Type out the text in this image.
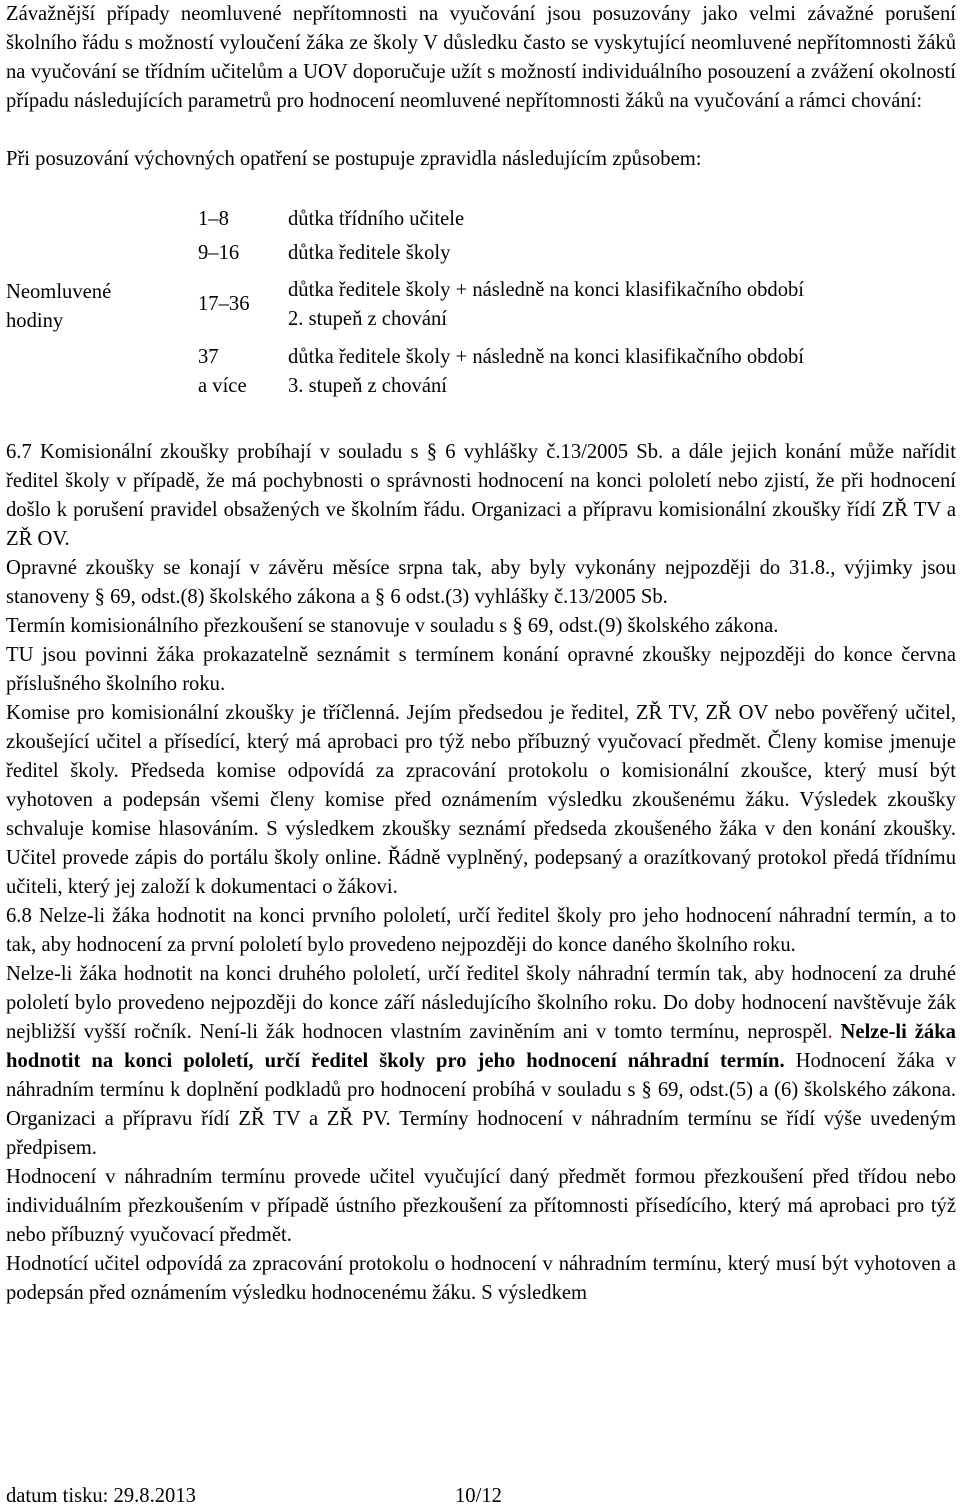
Závažnější případy neomluvené nepřítomnosti na vyučování jsou posuzovány jako velmi závažné porušení školního řádu s možností vyloučení žáka ze školy V důsledku často se vyskytující neomluvené nepřítomnosti žáků na vyučování se třídním učitelům a UOV doporučuje užít s možností individuálního posouzení a zvážení okolností případu následujících parametrů pro hodnocení neomluvené nepřítomnosti žáků na vyučování a rámci chování:

Při posuzování výchovných opatření se postupuje zpravidla následujícím způsobem:

Neomluvené
hodiny
1–8	důtka třídního učitele
9–16 důtka ředitele školy
17–36
důtka ředitele školy + následně na konci klasifikačního období
2. stupeň z chování
37
a více
důtka ředitele školy + následně na konci klasifikačního období
3. stupeň z chování

6.7 Komisionální zkoušky probíhají v souladu s § 6 vyhlášky č.13/2005 Sb. a dále jejich konání může nařídit ředitel školy v případě, že má pochybnosti o správnosti hodnocení na konci pololetí nebo zjistí, že při hodnocení došlo k porušení pravidel obsažených ve školním řádu. Organizaci a přípravu komisionální zkoušky řídí ZŘ TV a ZŘ OV.

Opravné zkoušky se konají v závěru měsíce srpna tak, aby byly vykonány nejpozději do 31.8., výjimky jsou stanoveny § 69, odst.(8) školského zákona a § 6 odst.(3) vyhlášky č.13/2005 Sb.

Termín komisionálního přezkoušení se stanovuje v souladu s § 69, odst.(9) školského zákona.

TU jsou povinni žáka prokazatelně seznámit s termínem konání opravné zkoušky nejpozději do konce června příslušného školního roku.

Komise pro komisionální zkoušky je tříčlenná. Jejím předsedou je ředitel, ZŘ TV, ZŘ OV nebo pověřený učitel, zkoušející učitel a přísedící, který má aprobaci pro týž nebo příbuzný vyučovací předmět. Členy komise jmenuje ředitel školy. Předseda komise odpovídá za zpracování protokolu o komisionální zkoušce, který musí být vyhotoven a podepsán všemi členy komise před oznámením výsledku zkoušenému žáku. Výsledek zkoušky schvaluje komise hlasováním. S výsledkem zkoušky seznámí předseda zkoušeného žáka v den konání zkoušky. Učitel provede zápis do portálu školy online. Řádně vyplněný, podepsaný a orazítkovaný protokol předá třídnímu učiteli, který jej založí k dokumentaci o žákovi.

6.8 Nelze-li žáka hodnotit na konci prvního pololetí, určí ředitel školy pro jeho hodnocení náhradní termín, a to tak, aby hodnocení za první pololetí bylo provedeno nejpozději do konce daného školního roku.

Nelze-li žáka hodnotit na konci druhého pololetí, určí ředitel školy náhradní termín tak, aby hodnocení za druhé pololetí bylo provedeno nejpozději do konce září následujícího školního roku. Do doby hodnocení navštěvuje žák nejbližší vyšší ročník. Není-li žák hodnocen vlastním zaviněním ani v tomto termínu, neprospěl. Nelze-li žáka hodnotit na konci pololetí, určí ředitel školy pro jeho hodnocení náhradní termín. Hodnocení žáka v náhradním termínu k doplnění podkladů pro hodnocení probíhá v souladu s § 69, odst.(5) a (6) školského zákona. Organizaci a přípravu řídí ZŘ TV a ZŘ PV. Termíny hodnocení v náhradním termínu se řídí výše uvedeným předpisem.

Hodnocení v náhradním termínu provede učitel vyučující daný předmět formou přezkoušení před třídou nebo individuálním přezkoušením v případě ústního přezkoušení za přítomnosti přísedícího, který má aprobaci pro týž nebo příbuzný vyučovací předmět.

Hodnotící učitel odpovídá za zpracování protokolu o hodnocení v náhradním termínu, který musí být vyhotoven a podepsán před oznámením výsledku hodnocenému žáku. S výsledkem

datum tisku: 29.8.2013	10/12
